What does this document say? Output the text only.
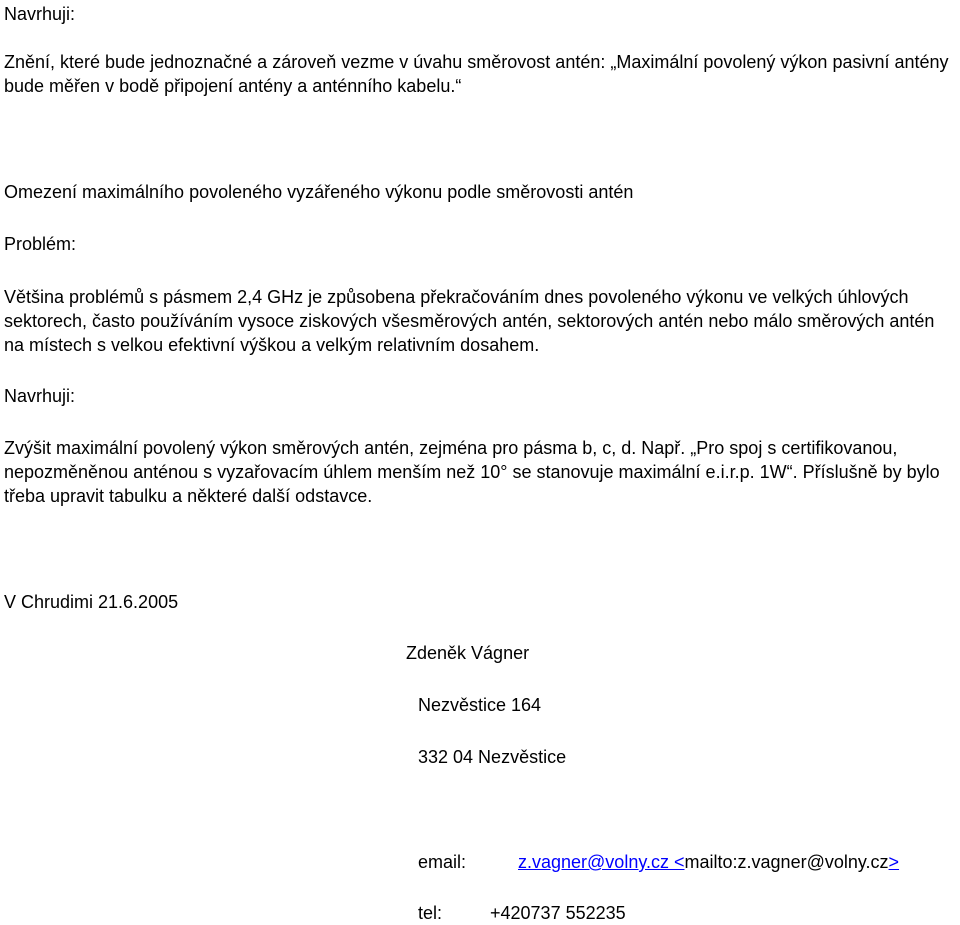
Navrhuji:

Znění, které bude jednoznačné a zároveň vezme v úvahu směrovost antén: „Maximální povolený výkon pasivní antény bude měřen v bodě připojení antény a anténního kabelu.“

Omezení maximálního povoleného vyzářeného výkonu podle směrovosti antén

Problém:

Většina problémů s pásmem 2,4 GHz je způsobena překračováním dnes povoleného výkonu ve velkých úhlových sektorech, často používáním vysoce ziskových všesměrových antén, sektorových antén nebo málo směrových antén na místech s velkou efektivní výškou a velkým relativním dosahem.

Navrhuji:

Zvýšit maximální povolený výkon směrových antén, zejména pro pásma b, c, d. Např. „Pro spoj s certifikovanou, nepozměněnou anténou s vyzařovacím úhlem menším než 10° se stanovuje maximální e.i.r.p. 1W“. Příslušně by bylo třeba upravit tabulku a některé další odstavce.

V Chrudimi 21.6.2005

Zdeněk Vágner

Nezvěstice 164

332 04 Nezvěstice

email:	z.vagner@volny.cz <mailto:z.vagner@volny.cz>

tel:	+420737 552235
